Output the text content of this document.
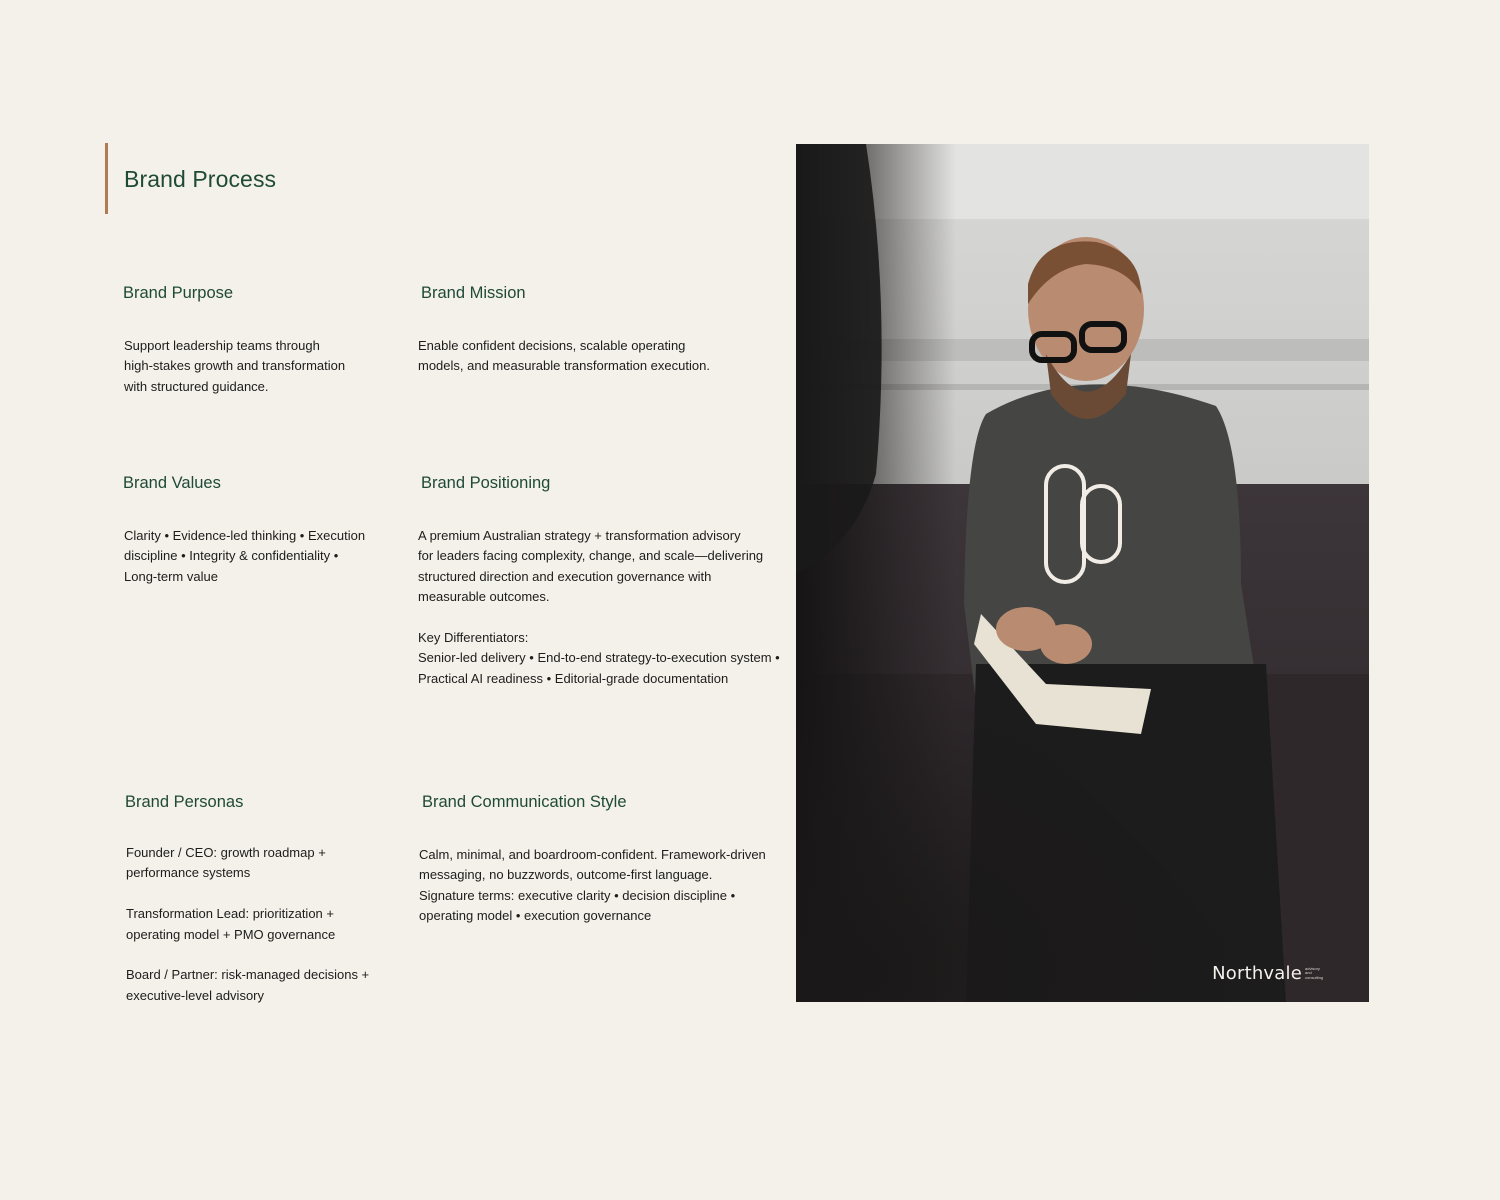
Brand Process
Brand Purpose
Support leadership teams through
high-stakes growth and transformation
with structured guidance.
Brand Mission
Enable confident decisions, scalable operating
models, and measurable transformation execution.
Brand Values
Clarity • Evidence-led thinking • Execution
discipline • Integrity & confidentiality •
Long-term value
Brand Positioning
A premium Australian strategy + transformation advisory
for leaders facing complexity, change, and scale—delivering
structured direction and execution governance with
measurable outcomes.
Key Differentiators:
Senior-led delivery • End-to-end strategy-to-execution system •
Practical AI readiness • Editorial-grade documentation
Brand Personas
Founder / CEO: growth roadmap +
performance systems
Transformation Lead: prioritization +
operating model + PMO governance
Board / Partner: risk-managed decisions +
executive-level advisory
Brand Communication Style
Calm, minimal, and boardroom-confident. Framework-driven
messaging, no buzzwords, outcome-first language.
Signature terms: executive clarity • decision discipline •
operating model • execution governance
Northvale advisory
and
consulting
